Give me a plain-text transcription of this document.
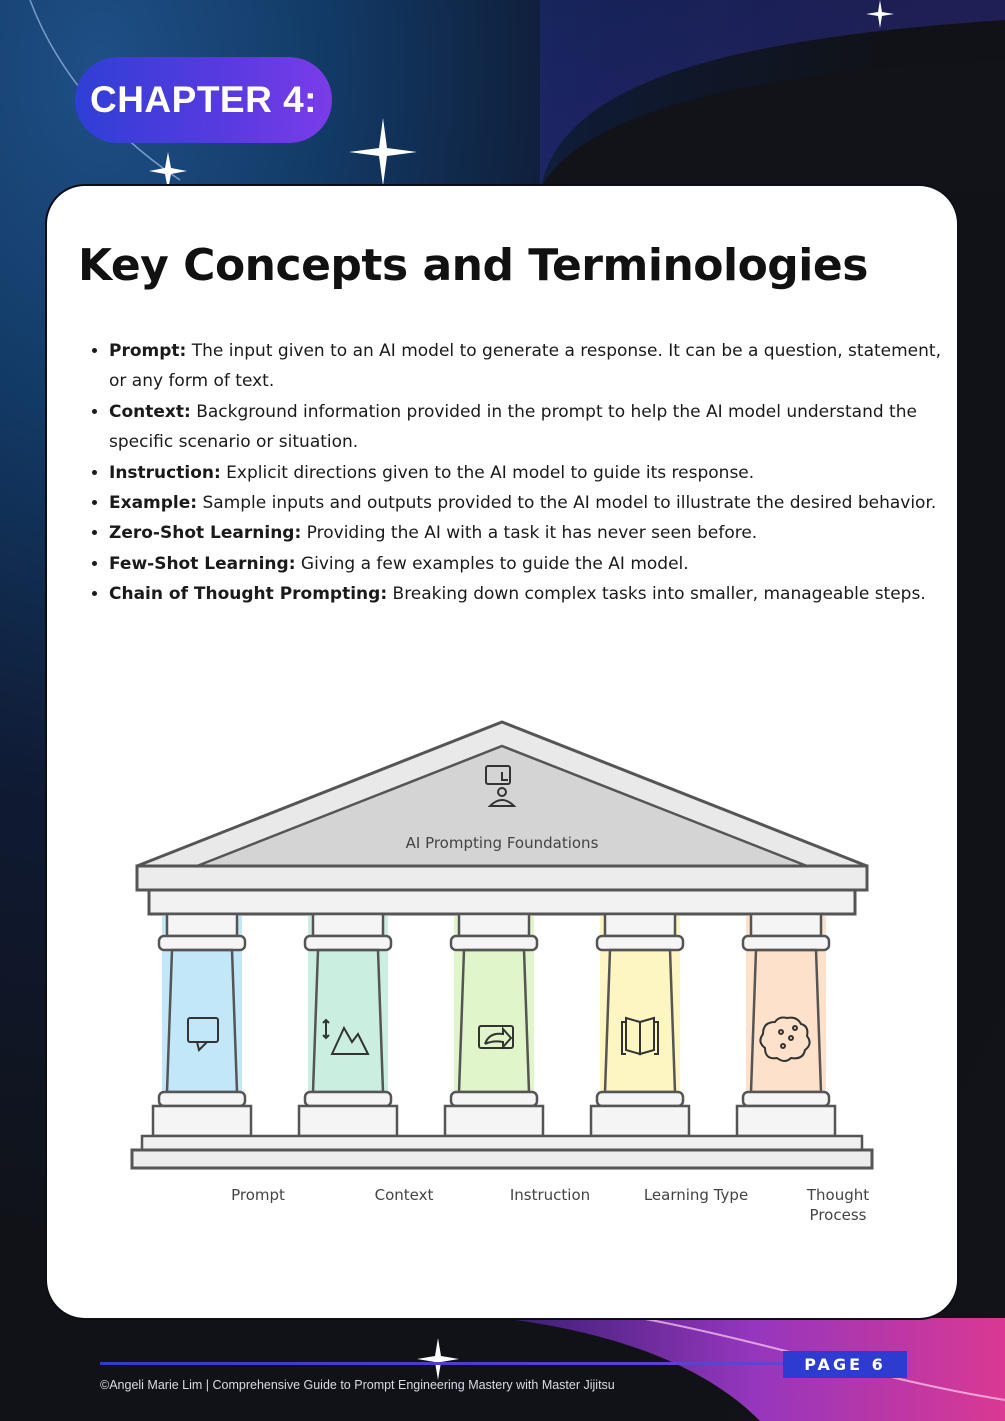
CHAPTER 4:
Key Concepts and Terminologies
• Prompt: The input given to an AI model to generate a response. It can be a question, statement, or any form of text.
• Context: Background information provided in the prompt to help the AI model understand the specific scenario or situation.
• Instruction: Explicit directions given to the AI model to guide its response.
• Example: Sample inputs and outputs provided to the AI model to illustrate the desired behavior.
• Zero-Shot Learning: Providing the AI with a task it has never seen before.
• Few-Shot Learning: Giving a few examples to guide the AI model.
• Chain of Thought Prompting: Breaking down complex tasks into smaller, manageable steps.
AI Prompting Foundations
Prompt	Context	Instruction	Learning Type	Thought
Process
PAGE 6
©Angeli Marie Lim | Comprehensive Guide to Prompt Engineering Mastery with Master Jijitsu
